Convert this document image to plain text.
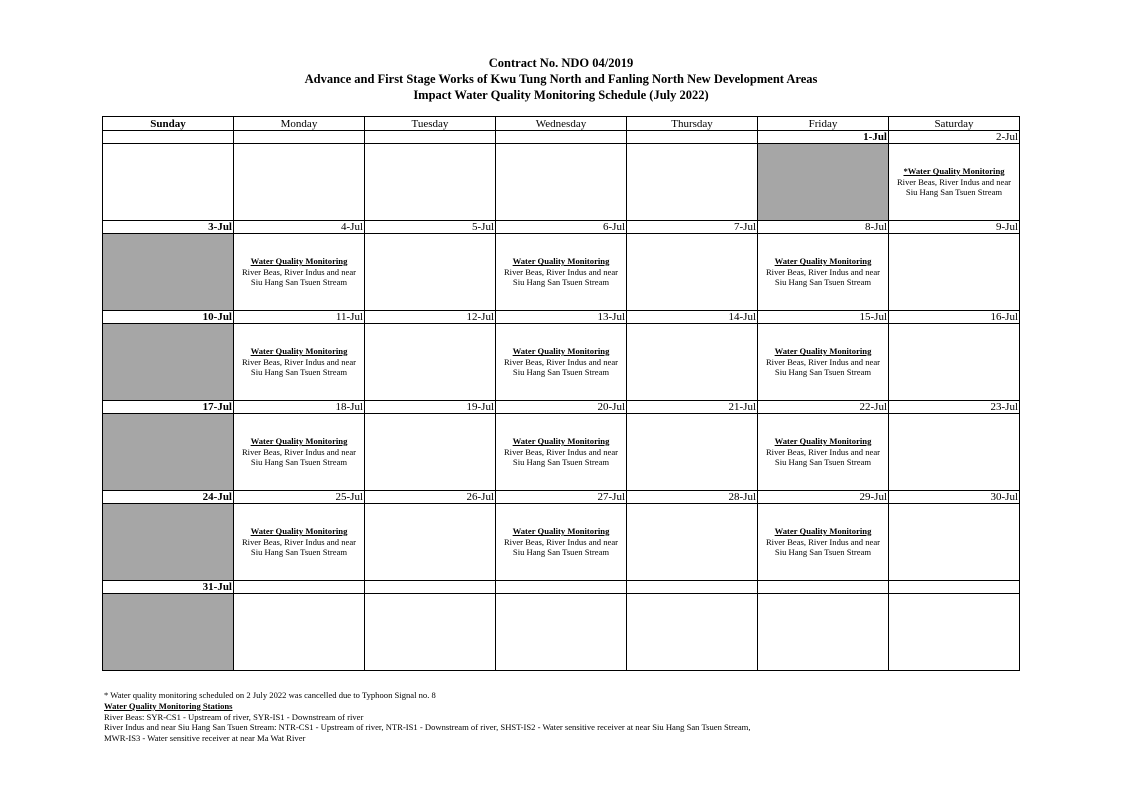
Contract No. NDO 04/2019
Advance and First Stage Works of Kwu Tung North and Fanling North New Development Areas
Impact Water Quality Monitoring Schedule (July 2022)
Sunday	Monday	Tuesday	Wednesday	Thursday	Friday	Saturday
					1-Jul	2-Jul

						*Water Quality Monitoring
River Beas, River Indus and near
Siu Hang San Tsuen Stream

3-Jul	4-Jul	5-Jul	6-Jul	7-Jul	8-Jul	9-Jul

	Water Quality Monitoring
River Beas, River Indus and near
Siu Hang San Tsuen Stream		Water Quality Monitoring
River Beas, River Indus and near
Siu Hang San Tsuen Stream		Water Quality Monitoring
River Beas, River Indus and near
Siu Hang San Tsuen Stream	

10-Jul	11-Jul	12-Jul	13-Jul	14-Jul	15-Jul	16-Jul

	Water Quality Monitoring
River Beas, River Indus and near
Siu Hang San Tsuen Stream		Water Quality Monitoring
River Beas, River Indus and near
Siu Hang San Tsuen Stream		Water Quality Monitoring
River Beas, River Indus and near
Siu Hang San Tsuen Stream	

17-Jul	18-Jul	19-Jul	20-Jul	21-Jul	22-Jul	23-Jul

	Water Quality Monitoring
River Beas, River Indus and near
Siu Hang San Tsuen Stream		Water Quality Monitoring
River Beas, River Indus and near
Siu Hang San Tsuen Stream		Water Quality Monitoring
River Beas, River Indus and near
Siu Hang San Tsuen Stream	

24-Jul	25-Jul	26-Jul	27-Jul	28-Jul	29-Jul	30-Jul

	Water Quality Monitoring
River Beas, River Indus and near
Siu Hang San Tsuen Stream		Water Quality Monitoring
River Beas, River Indus and near
Siu Hang San Tsuen Stream		Water Quality Monitoring
River Beas, River Indus and near
Siu Hang San Tsuen Stream	

31-Jul						

* Water quality monitoring scheduled on 2 July 2022 was cancelled due to Typhoon Signal no. 8
Water Quality Monitoring Stations
River Beas: SYR-CS1 - Upstream of river, SYR-IS1 - Downstream of river
River Indus and near Siu Hang San Tsuen Stream: NTR-CS1 - Upstream of river, NTR-IS1 - Downstream of river, SHST-IS2 - Water sensitive receiver at near Siu Hang San Tsuen Stream,
MWR-IS3 - Water sensitive receiver at near Ma Wat River
